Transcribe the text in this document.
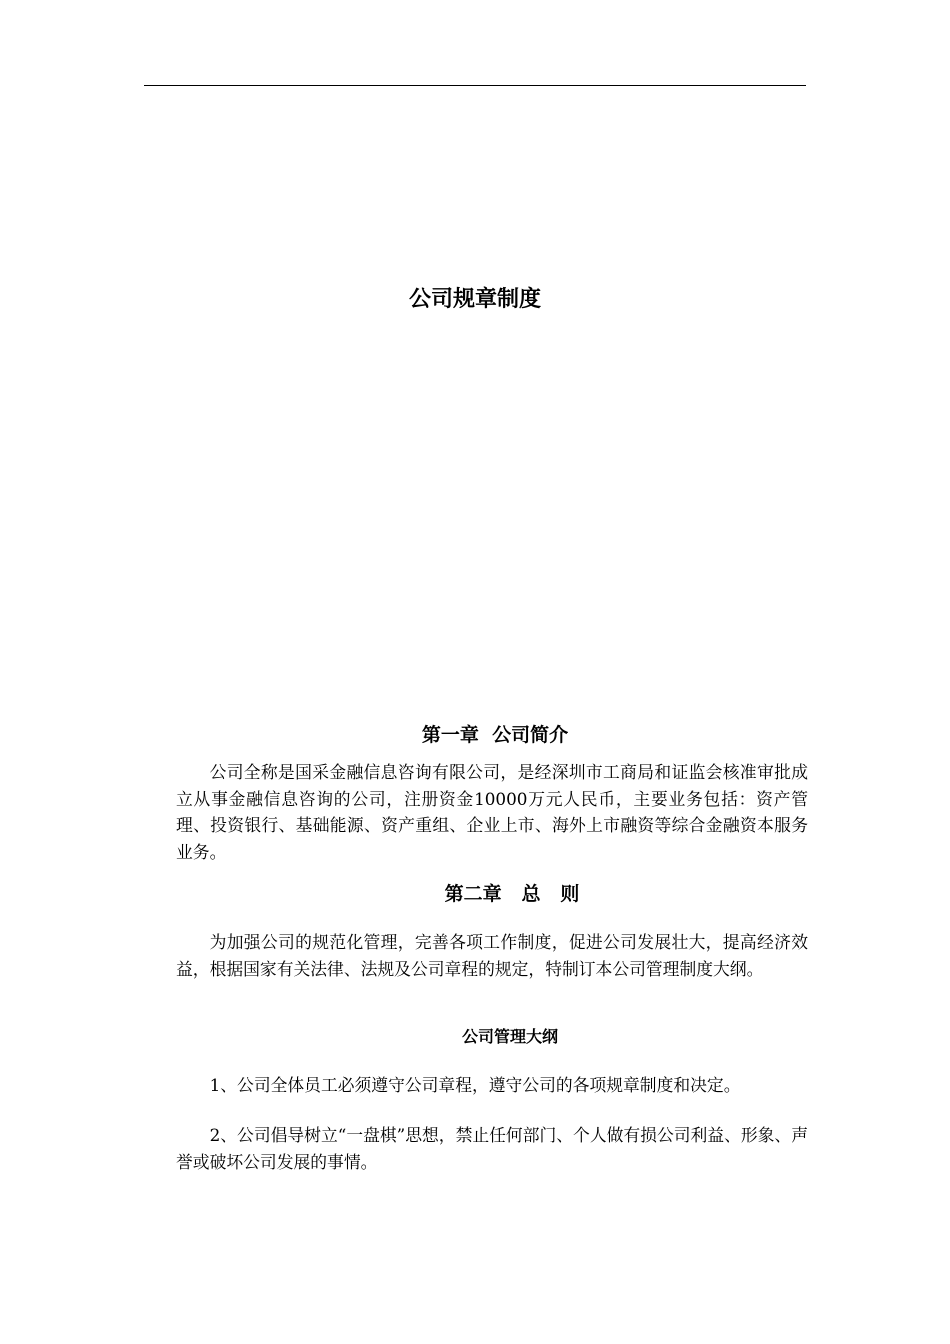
公司规章制度
第一章  公司简介

公司全称是国采金融信息咨询有限公司，是经深圳市工商局和证监会核准审批成立从事金融信息咨询的公司，注册资金10000万元人民币，主要业务包括：资产管理、投资银行、基础能源、资产重组、企业上市、海外上市融资等综合金融资本服务业务。

第二章   总   则

为加强公司的规范化管理，完善各项工作制度，促进公司发展壮大，提高经济效益，根据国家有关法律、法规及公司章程的规定，特制订本公司管理制度大纲。

公司管理大纲

1、公司全体员工必须遵守公司章程，遵守公司的各项规章制度和决定。

2、公司倡导树立“一盘棋”思想，禁止任何部门、个人做有损公司利益、形象、声誉或破坏公司发展的事情。
